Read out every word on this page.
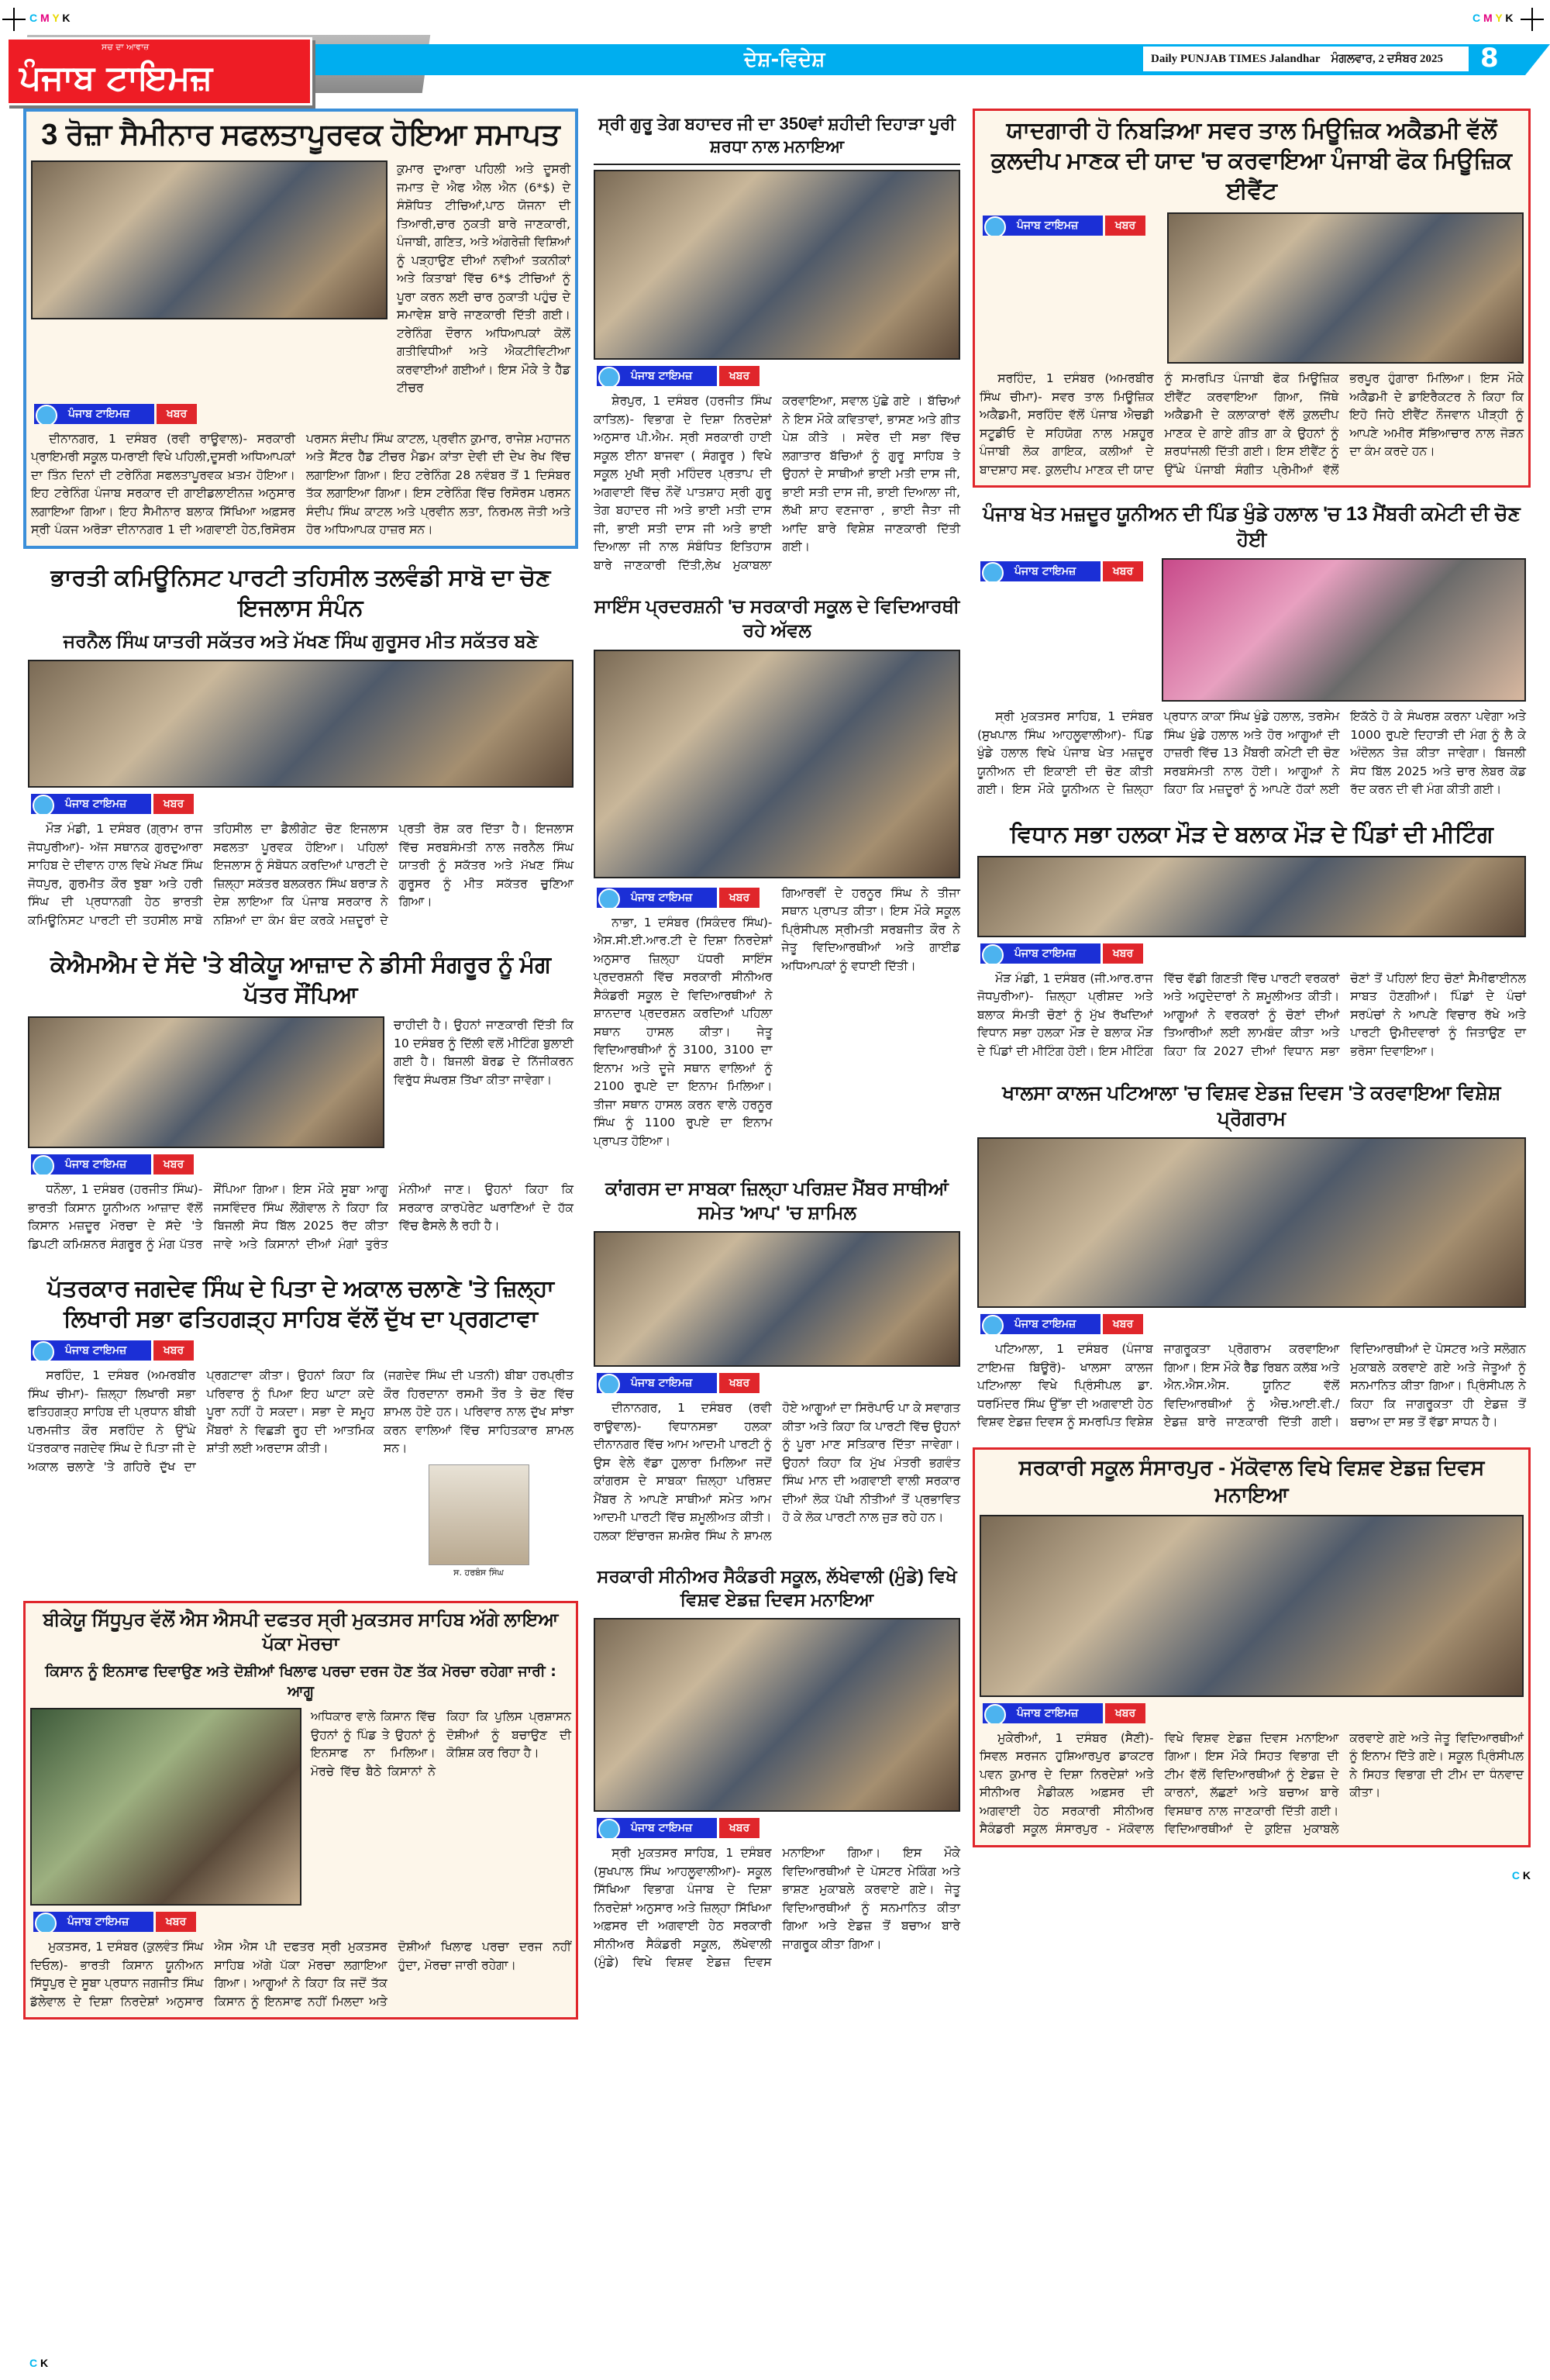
C M Y K	C M Y K
ਸਚ ਦਾ ਆਵਾਜ਼
ਪੰਜਾਬ ਟਾਇਮਜ਼	ਦੇਸ਼-ਵਿਦੇਸ਼	Daily PUNJAB TIMES Jalandhar ਮੰਗਲਵਾਰ, 2 ਦਸੰਬਰ 2025 8
3 ਰੋਜ਼ਾ ਸੈਮੀਨਾਰ ਸਫਲਤਾਪੂਰਵਕ ਹੋਇਆ ਸਮਾਪਤ
ਕੁਮਾਰ ਦੁਆਰਾ ਪਹਿਲੀ ਅਤੇ ਦੂਸਰੀ ਜਮਾਤ ਦੇ ਐਫ ਐਲ ਐਨ (6*$) ਦੇ ਸੰਸ਼ੋਧਿਤ ਟੀਚਿਆਂ,ਪਾਠ ਯੋਜਨਾ ਦੀ ਤਿਆਰੀ,ਚਾਰ ਨੁਕਤੀ ਬਾਰੇ ਜਾਣਕਾਰੀ, ਪੰਜਾਬੀ, ਗਣਿਤ, ਅਤੇ ਅੰਗਰੇਜ਼ੀ ਵਿਸ਼ਿਆਂ ਨੂੰ ਪੜ੍ਹਾਉਣ ਦੀਆਂ ਨਵੀਆਂ ਤਕਨੀਕਾਂ ਅਤੇ ਕਿਤਾਬਾਂ ਵਿੱਚ 6*$ ਟੀਚਿਆਂ ਨੂੰ ਪੂਰਾ ਕਰਨ ਲਈ ਚਾਰ ਨੁਕਾਤੀ ਪਹੁੰਚ ਦੇ ਸਮਾਵੇਸ਼ ਬਾਰੇ ਜਾਣਕਾਰੀ ਦਿੱਤੀ ਗਈ। ਟਰੇਨਿੰਗ ਦੌਰਾਨ ਅਧਿਆਪਕਾਂ ਕੋਲੋਂ ਗਤੀਵਿਧੀਆਂ ਅਤੇ ਐਕਟੀਵਿਟੀਆ ਕਰਵਾਈਆਂ ਗਈਆਂ। ਇਸ ਮੌਕੇ ਤੇ ਹੈੱਡ ਟੀਚਰ
ਪੰਜਾਬ ਟਾਇਮਜ਼	ਖਬਰ
ਦੀਨਾਨਗਰ, 1 ਦਸੰਬਰ (ਰਵੀ ਰਾਊਵਾਲ)- ਸਰਕਾਰੀ ਪ੍ਰਾਇਮਰੀ ਸਕੂਲ ਧਮਰਾਈ ਵਿਖੇ ਪਹਿਲੀ,ਦੂਸਰੀ ਅਧਿਆਪਕਾਂ ਦਾ ਤਿੰਨ ਦਿਨਾਂ ਦੀ ਟਰੇਨਿੰਗ ਸਫਲਤਾਪੂਰਵਕ ਖ਼ਤਮ ਹੋਇਆ। ਇਹ ਟਰੇਨਿੰਗ ਪੰਜਾਬ ਸਰਕਾਰ ਦੀ ਗਾਈਡਲਾਈਨਜ਼ ਅਨੁਸਾਰ ਲਗਾਇਆ ਗਿਆ। ਇਹ ਸੈਮੀਨਾਰ ਬਲਾਕ ਸਿੱਖਿਆ ਅਫ਼ਸਰ ਸ੍ਰੀ ਪੰਕਜ ਅਰੋੜਾ ਦੀਨਾਨਗਰ 1 ਦੀ ਅਗਵਾਈ ਹੇਠ,ਰਿਸੋਰਸ ਪਰਸਨ ਸੰਦੀਪ ਸਿੰਘ ਕਾਟਲ, ਪ੍ਰਵੀਨ ਕੁਮਾਰ, ਰਾਜੇਸ਼ ਮਹਾਜਨ ਅਤੇ ਸੈਂਟਰ ਹੈੱਡ ਟੀਚਰ ਮੈਡਮ ਕਾਂਤਾ ਦੇਵੀ ਦੀ ਦੇਖ ਰੇਖ ਵਿੱਚ ਲਗਾਇਆ ਗਿਆ। ਇਹ ਟਰੇਨਿੰਗ 28 ਨਵੰਬਰ ਤੋਂ 1 ਦਿਸੰਬਰ ਤੱਕ ਲਗਾਇਆ ਗਿਆ। ਇਸ ਟਰੇਨਿੰਗ ਵਿੱਚ ਰਿਸੋਰਸ ਪਰਸਨ ਸੰਦੀਪ ਸਿੰਘ ਕਾਟਲ ਅਤੇ ਪ੍ਰਵੀਨ ਲਤਾ, ਨਿਰਮਲ ਜੋਤੀ ਅਤੇ ਹੋਰ ਅਧਿਆਪਕ ਹਾਜ਼ਰ ਸਨ।
ਭਾਰਤੀ ਕਮਿਊਨਿਸਟ ਪਾਰਟੀ ਤਹਿਸੀਲ ਤਲਵੰਡੀ ਸਾਬੋ ਦਾ ਚੋਣ ਇਜਲਾਸ ਸੰਪੰਨ
ਜਰਨੈਲ ਸਿੰਘ ਯਾਤਰੀ ਸਕੱਤਰ ਅਤੇ ਮੱਖਣ ਸਿੰਘ ਗੁਰੂਸਰ ਮੀਤ ਸਕੱਤਰ ਬਣੇ
ਪੰਜਾਬ ਟਾਇਮਜ਼	ਖਬਰ
ਮੌੜ ਮੰਡੀ, 1 ਦਸੰਬਰ (ਗ੍ਰਾਮ ਰਾਜ ਜੋਧਪੁਰੀਆ)- ਅੱਜ ਸਥਾਨਕ ਗੁਰਦੁਆਰਾ ਸਾਹਿਬ ਦੇ ਦੀਵਾਨ ਹਾਲ ਵਿਖੇ ਮੱਖਣ ਸਿੰਘ ਜੋਧਪੁਰ, ਗੁਰਮੀਤ ਕੌਰ ਝੁਬਾ ਅਤੇ ਹਰੀ ਸਿੰਘ ਦੀ ਪ੍ਰਧਾਨਗੀ ਹੇਠ ਭਾਰਤੀ ਕਮਿਊਨਿਸਟ ਪਾਰਟੀ ਦੀ ਤਹਸੀਲ ਸਾਬੋ ਤਹਿਸੀਲ ਦਾ ਡੈਲੀਗੇਟ ਚੋਣ ਇਜਲਾਸ ਸਫਲਤਾ ਪੂਰਵਕ ਹੋਇਆ। ਪਹਿਲਾਂ ਇਜਲਾਸ ਨੂੰ ਸੰਬੋਧਨ ਕਰਦਿਆਂ ਪਾਰਟੀ ਦੇ ਜ਼ਿਲ੍ਹਾ ਸਕੱਤਰ ਬਲਕਰਨ ਸਿੰਘ ਬਰਾੜ ਨੇ ਦੇਸ਼ ਲਾਇਆ ਕਿ ਪੰਜਾਬ ਸਰਕਾਰ ਨੇ ਨਸ਼ਿਆਂ ਦਾ ਕੰਮ ਬੰਦ ਕਰਕੇ ਮਜ਼ਦੂਰਾਂ ਦੇ ਪ੍ਰਤੀ ਰੋਸ਼ ਕਰ ਦਿੱਤਾ ਹੈ। ਇਜਲਾਸ ਵਿੱਚ ਸਰਬਸੰਮਤੀ ਨਾਲ ਜਰਨੈਲ ਸਿੰਘ ਯਾਤਰੀ ਨੂੰ ਸਕੱਤਰ ਅਤੇ ਮੱਖਣ ਸਿੰਘ ਗੁਰੂਸਰ ਨੂੰ ਮੀਤ ਸਕੱਤਰ ਚੁਣਿਆ ਗਿਆ।
ਕੇਐਮਐਮ ਦੇ ਸੱਦੇ 'ਤੇ ਬੀਕੇਯੂ ਆਜ਼ਾਦ ਨੇ ਡੀਸੀ ਸੰਗਰੂਰ ਨੂੰ ਮੰਗ ਪੱਤਰ ਸੌਂਪਿਆ
ਚਾਹੀਦੀ ਹੈ। ਉਹਨਾਂ ਜਾਣਕਾਰੀ ਦਿੱਤੀ ਕਿ 10 ਦਸੰਬਰ ਨੂੰ ਦਿੱਲੀ ਵਲੋਂ ਮੀਟਿੰਗ ਬੁਲਾਈ ਗਈ ਹੈ। ਬਿਜਲੀ ਬੋਰਡ ਦੇ ਨਿੱਜੀਕਰਨ ਵਿਰੁੱਧ ਸੰਘਰਸ਼ ਤਿੱਖਾ ਕੀਤਾ ਜਾਵੇਗਾ।
ਪੰਜਾਬ ਟਾਇਮਜ਼	ਖਬਰ
ਧਨੌਲਾ, 1 ਦਸੰਬਰ (ਹਰਜੀਤ ਸਿੰਘ)- ਭਾਰਤੀ ਕਿਸਾਨ ਯੂਨੀਅਨ ਆਜ਼ਾਦ ਵੱਲੋਂ ਕਿਸਾਨ ਮਜ਼ਦੂਰ ਮੋਰਚਾ ਦੇ ਸੱਦੇ 'ਤੇ ਡਿਪਟੀ ਕਮਿਸ਼ਨਰ ਸੰਗਰੂਰ ਨੂੰ ਮੰਗ ਪੱਤਰ ਸੌਂਪਿਆ ਗਿਆ। ਇਸ ਮੌਕੇ ਸੂਬਾ ਆਗੂ ਜਸਵਿੰਦਰ ਸਿੰਘ ਲੌਂਗੋਵਾਲ ਨੇ ਕਿਹਾ ਕਿ ਬਿਜਲੀ ਸੋਧ ਬਿੱਲ 2025 ਰੱਦ ਕੀਤਾ ਜਾਵੇ ਅਤੇ ਕਿਸਾਨਾਂ ਦੀਆਂ ਮੰਗਾਂ ਤੁਰੰਤ ਮੰਨੀਆਂ ਜਾਣ। ਉਹਨਾਂ ਕਿਹਾ ਕਿ ਸਰਕਾਰ ਕਾਰਪੋਰੇਟ ਘਰਾਣਿਆਂ ਦੇ ਹੱਕ ਵਿੱਚ ਫੈਸਲੇ ਲੈ ਰਹੀ ਹੈ।
ਪੱਤਰਕਾਰ ਜਗਦੇਵ ਸਿੰਘ ਦੇ ਪਿਤਾ ਦੇ ਅਕਾਲ ਚਲਾਣੇ 'ਤੇ ਜ਼ਿਲ੍ਹਾ ਲਿਖਾਰੀ ਸਭਾ ਫਤਿਹਗੜ੍ਹ ਸਾਹਿਬ ਵੱਲੋਂ ਦੁੱਖ ਦਾ ਪ੍ਰਗਟਾਵਾ
ਪੰਜਾਬ ਟਾਇਮਜ਼	ਖਬਰ
ਸਰਹਿੰਦ, 1 ਦਸੰਬਰ (ਅਮਰਬੀਰ ਸਿੰਘ ਚੀਮਾ)- ਜ਼ਿਲ੍ਹਾ ਲਿਖਾਰੀ ਸਭਾ ਫਤਿਹਗੜ੍ਹ ਸਾਹਿਬ ਦੀ ਪ੍ਰਧਾਨ ਬੀਬੀ ਪਰਮਜੀਤ ਕੌਰ ਸਰਹਿੰਦ ਨੇ ਉੱਘੇ ਪੱਤਰਕਾਰ ਜਗਦੇਵ ਸਿੰਘ ਦੇ ਪਿਤਾ ਜੀ ਦੇ ਅਕਾਲ ਚਲਾਣੇ 'ਤੇ ਗਹਿਰੇ ਦੁੱਖ ਦਾ ਪ੍ਰਗਟਾਵਾ ਕੀਤਾ। ਉਹਨਾਂ ਕਿਹਾ ਕਿ ਪਰਿਵਾਰ ਨੂੰ ਪਿਆ ਇਹ ਘਾਟਾ ਕਦੇ ਪੂਰਾ ਨਹੀਂ ਹੋ ਸਕਦਾ। ਸਭਾ ਦੇ ਸਮੂਹ ਮੈਂਬਰਾਂ ਨੇ ਵਿਛੜੀ ਰੂਹ ਦੀ ਆਤਮਿਕ ਸ਼ਾਂਤੀ ਲਈ ਅਰਦਾਸ ਕੀਤੀ।
(ਜਗਦੇਵ ਸਿੰਘ ਦੀ ਪਤਨੀ) ਬੀਬਾ ਹਰਪ੍ਰੀਤ ਕੌਰ ਹਿਰਦਾਨਾ ਰਸਮੀ ਤੌਰ ਤੇ ਚੋਣ ਵਿੱਚ ਸ਼ਾਮਲ ਹੋਏ ਹਨ। ਪਰਿਵਾਰ ਨਾਲ ਦੁੱਖ ਸਾਂਝਾ ਕਰਨ ਵਾਲਿਆਂ ਵਿੱਚ ਸਾਹਿਤਕਾਰ ਸ਼ਾਮਲ ਸਨ।
ਸ. ਹਰਬੰਸ ਸਿੰਘ
ਬੀਕੇਯੂ ਸਿੱਧੂਪੁਰ ਵੱਲੋਂ ਐਸ ਐਸਪੀ ਦਫਤਰ ਸ੍ਰੀ ਮੁਕਤਸਰ ਸਾਹਿਬ ਅੱਗੇ ਲਾਇਆ ਪੱਕਾ ਮੋਰਚਾ
ਕਿਸਾਨ ਨੂੰ ਇਨਸਾਫ ਦਿਵਾਉਣ ਅਤੇ ਦੋਸ਼ੀਆਂ ਖਿਲਾਫ ਪਰਚਾ ਦਰਜ ਹੋਣ ਤੱਕ ਮੋਰਚਾ ਰਹੇਗਾ ਜਾਰੀ : ਆਗੂ
ਅਧਿਕਾਰ ਵਾਲੇ ਕਿਸਾਨ ਵਿੱਚ ਉਹਨਾਂ ਨੂੰ ਪਿੰਡ ਤੇ ਉਹਨਾਂ ਨੂੰ ਇਨਸਾਫ ਨਾ ਮਿਲਿਆ। ਮੋਰਚੇ ਵਿੱਚ ਬੈਠੇ ਕਿਸਾਨਾਂ ਨੇ ਕਿਹਾ ਕਿ ਪੁਲਿਸ ਪ੍ਰਸ਼ਾਸਨ ਦੋਸ਼ੀਆਂ ਨੂੰ ਬਚਾਉਣ ਦੀ ਕੋਸ਼ਿਸ਼ ਕਰ ਰਿਹਾ ਹੈ।
ਪੰਜਾਬ ਟਾਇਮਜ਼	ਖਬਰ
ਮੁਕਤਸਰ, 1 ਦਸੰਬਰ (ਕੁਲਵੰਤ ਸਿੰਘ ਦਿਓਲ)- ਭਾਰਤੀ ਕਿਸਾਨ ਯੂਨੀਅਨ ਸਿੱਧੂਪੁਰ ਦੇ ਸੂਬਾ ਪ੍ਰਧਾਨ ਜਗਜੀਤ ਸਿੰਘ ਡੱਲੇਵਾਲ ਦੇ ਦਿਸ਼ਾ ਨਿਰਦੇਸ਼ਾਂ ਅਨੁਸਾਰ ਐਸ ਐਸ ਪੀ ਦਫਤਰ ਸ੍ਰੀ ਮੁਕਤਸਰ ਸਾਹਿਬ ਅੱਗੇ ਪੱਕਾ ਮੋਰਚਾ ਲਗਾਇਆ ਗਿਆ। ਆਗੂਆਂ ਨੇ ਕਿਹਾ ਕਿ ਜਦੋਂ ਤੱਕ ਕਿਸਾਨ ਨੂੰ ਇਨਸਾਫ ਨਹੀਂ ਮਿਲਦਾ ਅਤੇ ਦੋਸ਼ੀਆਂ ਖਿਲਾਫ ਪਰਚਾ ਦਰਜ ਨਹੀਂ ਹੁੰਦਾ, ਮੋਰਚਾ ਜਾਰੀ ਰਹੇਗਾ।
ਸ੍ਰੀ ਗੁਰੂ ਤੇਗ ਬਹਾਦਰ ਜੀ ਦਾ 350ਵਾਂ ਸ਼ਹੀਦੀ ਦਿਹਾੜਾ ਪੂਰੀ ਸ਼ਰਧਾ ਨਾਲ ਮਨਾਇਆ
ਪੰਜਾਬ ਟਾਇਮਜ਼	ਖਬਰ
ਸ਼ੇਰਪੁਰ, 1 ਦਸੰਬਰ (ਹਰਜੀਤ ਸਿੰਘ ਕਾਤਿਲ)- ਵਿਭਾਗ ਦੇ ਦਿਸ਼ਾ ਨਿਰਦੇਸ਼ਾਂ ਅਨੁਸਾਰ ਪੀ.ਐਮ. ਸ੍ਰੀ ਸਰਕਾਰੀ ਹਾਈ ਸਕੂਲ ਈਨਾ ਬਾਜਵਾ ( ਸੰਗਰੂਰ ) ਵਿਖੇ ਸਕੂਲ ਮੁਖੀ ਸ੍ਰੀ ਮਹਿੰਦਰ ਪ੍ਰਤਾਪ ਦੀ ਅਗਵਾਈ ਵਿੱਚ ਨੌਵੇਂ ਪਾਤਸ਼ਾਹ ਸ੍ਰੀ ਗੁਰੂ ਤੇਗ ਬਹਾਦਰ ਜੀ ਅਤੇ ਭਾਈ ਮਤੀ ਦਾਸ ਜੀ, ਭਾਈ ਸਤੀ ਦਾਸ ਜੀ ਅਤੇ ਭਾਈ ਦਿਆਲਾ ਜੀ ਨਾਲ ਸੰਬੰਧਿਤ ਇਤਿਹਾਸ ਬਾਰੇ ਜਾਣਕਾਰੀ ਦਿੱਤੀ,ਲੇਖ ਮੁਕਾਬਲਾ ਕਰਵਾਇਆ, ਸਵਾਲ ਪੁੱਛੇ ਗਏ । ਬੱਚਿਆਂ ਨੇ ਇਸ ਮੌਕੇ ਕਵਿਤਾਵਾਂ, ਭਾਸਣ ਅਤੇ ਗੀਤ ਪੇਸ਼ ਕੀਤੇ । ਸਵੇਰ ਦੀ ਸਭਾ ਵਿੱਚ ਲਗਾਤਾਰ ਬੱਚਿਆਂ ਨੂੰ ਗੁਰੂ ਸਾਹਿਬ ਤੇ ਉਹਨਾਂ ਦੇ ਸਾਥੀਆਂ ਭਾਈ ਮਤੀ ਦਾਸ ਜੀ, ਭਾਈ ਸਤੀ ਦਾਸ ਜੀ, ਭਾਈ ਦਿਆਲਾ ਜੀ, ਲੱਖੀ ਸ਼ਾਹ ਵਣਜਾਰਾ , ਭਾਈ ਜੈਤਾ ਜੀ ਆਦਿ ਬਾਰੇ ਵਿਸ਼ੇਸ਼ ਜਾਣਕਾਰੀ ਦਿੱਤੀ ਗਈ।
ਸਾਇੰਸ ਪ੍ਰਦਰਸ਼ਨੀ 'ਚ ਸਰਕਾਰੀ ਸਕੂਲ ਦੇ ਵਿਦਿਆਰਥੀ ਰਹੇ ਅੱਵਲ
ਪੰਜਾਬ ਟਾਇਮਜ਼	ਖਬਰ
ਨਾਭਾ, 1 ਦਸੰਬਰ (ਸਿਕੰਦਰ ਸਿੰਘ)- ਐਸ.ਸੀ.ਈ.ਆਰ.ਟੀ ਦੇ ਦਿਸ਼ਾ ਨਿਰਦੇਸ਼ਾਂ ਅਨੁਸਾਰ ਜ਼ਿਲ੍ਹਾ ਪੱਧਰੀ ਸਾਇੰਸ ਪ੍ਰਦਰਸ਼ਨੀ ਵਿੱਚ ਸਰਕਾਰੀ ਸੀਨੀਅਰ ਸੈਕੰਡਰੀ ਸਕੂਲ ਦੇ ਵਿਦਿਆਰਥੀਆਂ ਨੇ ਸ਼ਾਨਦਾਰ ਪ੍ਰਦਰਸ਼ਨ ਕਰਦਿਆਂ ਪਹਿਲਾ ਸਥਾਨ ਹਾਸਲ ਕੀਤਾ। ਜੇਤੂ ਵਿਦਿਆਰਥੀਆਂ ਨੂੰ 3100, 3100 ਦਾ ਇਨਾਮ ਅਤੇ ਦੂਜੇ ਸਥਾਨ ਵਾਲਿਆਂ ਨੂੰ 2100 ਰੁਪਏ ਦਾ ਇਨਾਮ ਮਿਲਿਆ। ਤੀਜਾ ਸਥਾਨ ਹਾਸਲ ਕਰਨ ਵਾਲੇ ਹਰਨੂਰ ਸਿੰਘ ਨੂੰ 1100 ਰੁਪਏ ਦਾ ਇਨਾਮ ਪ੍ਰਾਪਤ ਹੋਇਆ।
ਗਿਆਰਵੀਂ ਦੇ ਹਰਨੂਰ ਸਿੰਘ ਨੇ ਤੀਜਾ ਸਥਾਨ ਪ੍ਰਾਪਤ ਕੀਤਾ। ਇਸ ਮੌਕੇ ਸਕੂਲ ਪ੍ਰਿੰਸੀਪਲ ਸ੍ਰੀਮਤੀ ਸਰਬਜੀਤ ਕੌਰ ਨੇ ਜੇਤੂ ਵਿਦਿਆਰਥੀਆਂ ਅਤੇ ਗਾਈਡ ਅਧਿਆਪਕਾਂ ਨੂੰ ਵਧਾਈ ਦਿੱਤੀ।
ਕਾਂਗਰਸ ਦਾ ਸਾਬਕਾ ਜ਼ਿਲ੍ਹਾ ਪਰਿਸ਼ਦ ਮੈਂਬਰ ਸਾਥੀਆਂ ਸਮੇਤ 'ਆਪ' 'ਚ ਸ਼ਾਮਿਲ
ਪੰਜਾਬ ਟਾਇਮਜ਼	ਖਬਰ
ਦੀਨਾਨਗਰ, 1 ਦਸੰਬਰ (ਰਵੀ ਰਾਊਵਾਲ)- ਵਿਧਾਨਸਭਾ ਹਲਕਾ ਦੀਨਾਨਗਰ ਵਿੱਚ ਆਮ ਆਦਮੀ ਪਾਰਟੀ ਨੂੰ ਉਸ ਵੇਲੇ ਵੱਡਾ ਹੁਲਾਰਾ ਮਿਲਿਆ ਜਦੋਂ ਕਾਂਗਰਸ ਦੇ ਸਾਬਕਾ ਜ਼ਿਲ੍ਹਾ ਪਰਿਸ਼ਦ ਮੈਂਬਰ ਨੇ ਆਪਣੇ ਸਾਥੀਆਂ ਸਮੇਤ ਆਮ ਆਦਮੀ ਪਾਰਟੀ ਵਿੱਚ ਸ਼ਮੂਲੀਅਤ ਕੀਤੀ। ਹਲਕਾ ਇੰਚਾਰਜ ਸ਼ਮਸ਼ੇਰ ਸਿੰਘ ਨੇ ਸ਼ਾਮਲ ਹੋਏ ਆਗੂਆਂ ਦਾ ਸਿਰੋਪਾਓ ਪਾ ਕੇ ਸਵਾਗਤ ਕੀਤਾ ਅਤੇ ਕਿਹਾ ਕਿ ਪਾਰਟੀ ਵਿੱਚ ਉਹਨਾਂ ਨੂੰ ਪੂਰਾ ਮਾਣ ਸਤਿਕਾਰ ਦਿੱਤਾ ਜਾਵੇਗਾ। ਉਹਨਾਂ ਕਿਹਾ ਕਿ ਮੁੱਖ ਮੰਤਰੀ ਭਗਵੰਤ ਸਿੰਘ ਮਾਨ ਦੀ ਅਗਵਾਈ ਵਾਲੀ ਸਰਕਾਰ ਦੀਆਂ ਲੋਕ ਪੱਖੀ ਨੀਤੀਆਂ ਤੋਂ ਪ੍ਰਭਾਵਿਤ ਹੋ ਕੇ ਲੋਕ ਪਾਰਟੀ ਨਾਲ ਜੁੜ ਰਹੇ ਹਨ।
ਸਰਕਾਰੀ ਸੀਨੀਅਰ ਸੈਕੰਡਰੀ ਸਕੂਲ, ਲੱਖੇਵਾਲੀ (ਮੁੰਡੇ) ਵਿਖੇ ਵਿਸ਼ਵ ਏਡਜ਼ ਦਿਵਸ ਮਨਾਇਆ
ਪੰਜਾਬ ਟਾਇਮਜ਼	ਖਬਰ
ਸ੍ਰੀ ਮੁਕਤਸਰ ਸਾਹਿਬ, 1 ਦਸੰਬਰ (ਸੁਖਪਾਲ ਸਿੰਘ ਆਹਲੂਵਾਲੀਆ)- ਸਕੂਲ ਸਿੱਖਿਆ ਵਿਭਾਗ ਪੰਜਾਬ ਦੇ ਦਿਸ਼ਾ ਨਿਰਦੇਸ਼ਾਂ ਅਨੁਸਾਰ ਅਤੇ ਜ਼ਿਲ੍ਹਾ ਸਿੱਖਿਆ ਅਫ਼ਸਰ ਦੀ ਅਗਵਾਈ ਹੇਠ ਸਰਕਾਰੀ ਸੀਨੀਅਰ ਸੈਕੰਡਰੀ ਸਕੂਲ, ਲੱਖੇਵਾਲੀ (ਮੁੰਡੇ) ਵਿਖੇ ਵਿਸ਼ਵ ਏਡਜ਼ ਦਿਵਸ ਮਨਾਇਆ ਗਿਆ। ਇਸ ਮੌਕੇ ਵਿਦਿਆਰਥੀਆਂ ਦੇ ਪੋਸਟਰ ਮੇਕਿੰਗ ਅਤੇ ਭਾਸ਼ਣ ਮੁਕਾਬਲੇ ਕਰਵਾਏ ਗਏ। ਜੇਤੂ ਵਿਦਿਆਰਥੀਆਂ ਨੂੰ ਸਨਮਾਨਿਤ ਕੀਤਾ ਗਿਆ ਅਤੇ ਏਡਜ਼ ਤੋਂ ਬਚਾਅ ਬਾਰੇ ਜਾਗਰੂਕ ਕੀਤਾ ਗਿਆ।
ਯਾਦਗਾਰੀ ਹੋ ਨਿਬੜਿਆ ਸਵਰ ਤਾਲ ਮਿਊਜ਼ਿਕ ਅਕੈਡਮੀ ਵੱਲੋਂ ਕੁਲਦੀਪ ਮਾਣਕ ਦੀ ਯਾਦ 'ਚ ਕਰਵਾਇਆ ਪੰਜਾਬੀ ਫੋਕ ਮਿਊਜ਼ਿਕ ਈਵੈਂਟ
ਪੰਜਾਬ ਟਾਇਮਜ਼	ਖਬਰ
ਸਰਹਿੰਦ, 1 ਦਸੰਬਰ (ਅਮਰਬੀਰ ਸਿੰਘ ਚੀਮਾ)- ਸਵਰ ਤਾਲ ਮਿਊਜ਼ਿਕ ਅਕੈਡਮੀ, ਸਰਹਿੰਦ ਵੱਲੋਂ ਪੰਜਾਬ ਐਚਡੀ ਸਟੂਡੀਓ ਦੇ ਸਹਿਯੋਗ ਨਾਲ ਮਸ਼ਹੂਰ ਪੰਜਾਬੀ ਲੋਕ ਗਾਇਕ, ਕਲੀਆਂ ਦੇ ਬਾਦਸ਼ਾਹ ਸਵ. ਕੁਲਦੀਪ ਮਾਣਕ ਦੀ ਯਾਦ ਨੂੰ ਸਮਰਪਿਤ ਪੰਜਾਬੀ ਫੋਕ ਮਿਊਜ਼ਿਕ ਈਵੈਂਟ ਕਰਵਾਇਆ ਗਿਆ, ਜਿੱਥੇ ਅਕੈਡਮੀ ਦੇ ਕਲਾਕਾਰਾਂ ਵੱਲੋਂ ਕੁਲਦੀਪ ਮਾਣਕ ਦੇ ਗਾਏ ਗੀਤ ਗਾ ਕੇ ਉਹਨਾਂ ਨੂੰ ਸ਼ਰਧਾਂਜਲੀ ਦਿੱਤੀ ਗਈ। ਇਸ ਈਵੈਂਟ ਨੂੰ ਉੱਘੇ ਪੰਜਾਬੀ ਸੰਗੀਤ ਪ੍ਰੇਮੀਆਂ ਵੱਲੋਂ ਭਰਪੂਰ ਹੁੰਗਾਰਾ ਮਿਲਿਆ। ਇਸ ਮੌਕੇ ਅਕੈਡਮੀ ਦੇ ਡਾਇਰੈਕਟਰ ਨੇ ਕਿਹਾ ਕਿ ਇਹੋ ਜਿਹੇ ਈਵੈਂਟ ਨੌਜਵਾਨ ਪੀੜ੍ਹੀ ਨੂੰ ਆਪਣੇ ਅਮੀਰ ਸੱਭਿਆਚਾਰ ਨਾਲ ਜੋੜਨ ਦਾ ਕੰਮ ਕਰਦੇ ਹਨ।
ਪੰਜਾਬ ਖੇਤ ਮਜ਼ਦੂਰ ਯੂਨੀਅਨ ਦੀ ਪਿੰਡ ਖੁੰਡੇ ਹਲਾਲ 'ਚ 13 ਮੈਂਬਰੀ ਕਮੇਟੀ ਦੀ ਚੋਣ ਹੋਈ
ਪੰਜਾਬ ਟਾਇਮਜ਼	ਖਬਰ
ਸ੍ਰੀ ਮੁਕਤਸਰ ਸਾਹਿਬ, 1 ਦਸੰਬਰ (ਸੁਖਪਾਲ ਸਿੰਘ ਆਹਲੂਵਾਲੀਆ)- ਪਿੰਡ ਖੁੰਡੇ ਹਲਾਲ ਵਿਖੇ ਪੰਜਾਬ ਖੇਤ ਮਜ਼ਦੂਰ ਯੂਨੀਅਨ ਦੀ ਇਕਾਈ ਦੀ ਚੋਣ ਕੀਤੀ ਗਈ। ਇਸ ਮੌਕੇ ਯੂਨੀਅਨ ਦੇ ਜ਼ਿਲ੍ਹਾ ਪ੍ਰਧਾਨ ਕਾਕਾ ਸਿੰਘ ਖੁੰਡੇ ਹਲਾਲ, ਤਰਸੇਮ ਸਿੰਘ ਖੁੰਡੇ ਹਲਾਲ ਅਤੇ ਹੋਰ ਆਗੂਆਂ ਦੀ ਹਾਜ਼ਰੀ ਵਿੱਚ 13 ਮੈਂਬਰੀ ਕਮੇਟੀ ਦੀ ਚੋਣ ਸਰਬਸੰਮਤੀ ਨਾਲ ਹੋਈ। ਆਗੂਆਂ ਨੇ ਕਿਹਾ ਕਿ ਮਜ਼ਦੂਰਾਂ ਨੂੰ ਆਪਣੇ ਹੱਕਾਂ ਲਈ ਇਕੱਠੇ ਹੋ ਕੇ ਸੰਘਰਸ਼ ਕਰਨਾ ਪਵੇਗਾ ਅਤੇ 1000 ਰੁਪਏ ਦਿਹਾੜੀ ਦੀ ਮੰਗ ਨੂੰ ਲੈ ਕੇ ਅੰਦੋਲਨ ਤੇਜ਼ ਕੀਤਾ ਜਾਵੇਗਾ। ਬਿਜਲੀ ਸੋਧ ਬਿੱਲ 2025 ਅਤੇ ਚਾਰ ਲੇਬਰ ਕੋਡ ਰੱਦ ਕਰਨ ਦੀ ਵੀ ਮੰਗ ਕੀਤੀ ਗਈ।
ਵਿਧਾਨ ਸਭਾ ਹਲਕਾ ਮੌੜ ਦੇ ਬਲਾਕ ਮੌੜ ਦੇ ਪਿੰਡਾਂ ਦੀ ਮੀਟਿੰਗ
ਪੰਜਾਬ ਟਾਇਮਜ਼	ਖਬਰ
ਮੌੜ ਮੰਡੀ, 1 ਦਸੰਬਰ (ਜੀ.ਆਰ.ਰਾਜ ਜੋਧਪੁਰੀਆ)- ਜ਼ਿਲ੍ਹਾ ਪ੍ਰੀਸ਼ਦ ਅਤੇ ਬਲਾਕ ਸੰਮਤੀ ਚੋਣਾਂ ਨੂੰ ਮੁੱਖ ਰੱਖਦਿਆਂ ਵਿਧਾਨ ਸਭਾ ਹਲਕਾ ਮੌੜ ਦੇ ਬਲਾਕ ਮੌੜ ਦੇ ਪਿੰਡਾਂ ਦੀ ਮੀਟਿੰਗ ਹੋਈ। ਇਸ ਮੀਟਿੰਗ ਵਿੱਚ ਵੱਡੀ ਗਿਣਤੀ ਵਿੱਚ ਪਾਰਟੀ ਵਰਕਰਾਂ ਅਤੇ ਅਹੁਦੇਦਾਰਾਂ ਨੇ ਸ਼ਮੂਲੀਅਤ ਕੀਤੀ। ਆਗੂਆਂ ਨੇ ਵਰਕਰਾਂ ਨੂੰ ਚੋਣਾਂ ਦੀਆਂ ਤਿਆਰੀਆਂ ਲਈ ਲਾਮਬੰਦ ਕੀਤਾ ਅਤੇ ਕਿਹਾ ਕਿ 2027 ਦੀਆਂ ਵਿਧਾਨ ਸਭਾ ਚੋਣਾਂ ਤੋਂ ਪਹਿਲਾਂ ਇਹ ਚੋਣਾਂ ਸੈਮੀਫਾਈਨਲ ਸਾਬਤ ਹੋਣਗੀਆਂ। ਪਿੰਡਾਂ ਦੇ ਪੰਚਾਂ ਸਰਪੰਚਾਂ ਨੇ ਆਪਣੇ ਵਿਚਾਰ ਰੱਖੇ ਅਤੇ ਪਾਰਟੀ ਉਮੀਦਵਾਰਾਂ ਨੂੰ ਜਿਤਾਉਣ ਦਾ ਭਰੋਸਾ ਦਿਵਾਇਆ।
ਖਾਲਸਾ ਕਾਲਜ ਪਟਿਆਲਾ 'ਚ ਵਿਸ਼ਵ ਏਡਜ਼ ਦਿਵਸ 'ਤੇ ਕਰਵਾਇਆ ਵਿਸ਼ੇਸ਼ ਪ੍ਰੋਗਰਾਮ
ਪੰਜਾਬ ਟਾਇਮਜ਼	ਖਬਰ
ਪਟਿਆਲਾ, 1 ਦਸੰਬਰ (ਪੰਜਾਬ ਟਾਇਮਜ਼ ਬਿਊਰੋ)- ਖਾਲਸਾ ਕਾਲਜ ਪਟਿਆਲਾ ਵਿਖੇ ਪ੍ਰਿੰਸੀਪਲ ਡਾ. ਧਰਮਿੰਦਰ ਸਿੰਘ ਉੱਭਾ ਦੀ ਅਗਵਾਈ ਹੇਠ ਵਿਸ਼ਵ ਏਡਜ਼ ਦਿਵਸ ਨੂੰ ਸਮਰਪਿਤ ਵਿਸ਼ੇਸ਼ ਜਾਗਰੂਕਤਾ ਪ੍ਰੋਗਰਾਮ ਕਰਵਾਇਆ ਗਿਆ। ਇਸ ਮੌਕੇ ਰੈੱਡ ਰਿਬਨ ਕਲੱਬ ਅਤੇ ਐਨ.ਐਸ.ਐਸ. ਯੂਨਿਟ ਵੱਲੋਂ ਵਿਦਿਆਰਥੀਆਂ ਨੂੰ ਐਚ.ਆਈ.ਵੀ./ਏਡਜ਼ ਬਾਰੇ ਜਾਣਕਾਰੀ ਦਿੱਤੀ ਗਈ। ਵਿਦਿਆਰਥੀਆਂ ਦੇ ਪੋਸਟਰ ਅਤੇ ਸਲੋਗਨ ਮੁਕਾਬਲੇ ਕਰਵਾਏ ਗਏ ਅਤੇ ਜੇਤੂਆਂ ਨੂੰ ਸਨਮਾਨਿਤ ਕੀਤਾ ਗਿਆ। ਪ੍ਰਿੰਸੀਪਲ ਨੇ ਕਿਹਾ ਕਿ ਜਾਗਰੂਕਤਾ ਹੀ ਏਡਜ਼ ਤੋਂ ਬਚਾਅ ਦਾ ਸਭ ਤੋਂ ਵੱਡਾ ਸਾਧਨ ਹੈ।
ਸਰਕਾਰੀ ਸਕੂਲ ਸੰਸਾਰਪੁਰ - ਮੱਕੋਵਾਲ ਵਿਖੇ ਵਿਸ਼ਵ ਏਡਜ਼ ਦਿਵਸ ਮਨਾਇਆ
ਪੰਜਾਬ ਟਾਇਮਜ਼	ਖਬਰ
ਮੁਕੇਰੀਆਂ, 1 ਦਸੰਬਰ (ਸੈਣੀ)- ਸਿਵਲ ਸਰਜਨ ਹੁਸ਼ਿਆਰਪੁਰ ਡਾਕਟਰ ਪਵਨ ਕੁਮਾਰ ਦੇ ਦਿਸ਼ਾ ਨਿਰਦੇਸ਼ਾਂ ਅਤੇ ਸੀਨੀਅਰ ਮੈਡੀਕਲ ਅਫ਼ਸਰ ਦੀ ਅਗਵਾਈ ਹੇਠ ਸਰਕਾਰੀ ਸੀਨੀਅਰ ਸੈਕੰਡਰੀ ਸਕੂਲ ਸੰਸਾਰਪੁਰ - ਮੱਕੋਵਾਲ ਵਿਖੇ ਵਿਸ਼ਵ ਏਡਜ਼ ਦਿਵਸ ਮਨਾਇਆ ਗਿਆ। ਇਸ ਮੌਕੇ ਸਿਹਤ ਵਿਭਾਗ ਦੀ ਟੀਮ ਵੱਲੋਂ ਵਿਦਿਆਰਥੀਆਂ ਨੂੰ ਏਡਜ਼ ਦੇ ਕਾਰਨਾਂ, ਲੱਛਣਾਂ ਅਤੇ ਬਚਾਅ ਬਾਰੇ ਵਿਸਥਾਰ ਨਾਲ ਜਾਣਕਾਰੀ ਦਿੱਤੀ ਗਈ। ਵਿਦਿਆਰਥੀਆਂ ਦੇ ਕੁਇਜ਼ ਮੁਕਾਬਲੇ ਕਰਵਾਏ ਗਏ ਅਤੇ ਜੇਤੂ ਵਿਦਿਆਰਥੀਆਂ ਨੂੰ ਇਨਾਮ ਦਿੱਤੇ ਗਏ। ਸਕੂਲ ਪ੍ਰਿੰਸੀਪਲ ਨੇ ਸਿਹਤ ਵਿਭਾਗ ਦੀ ਟੀਮ ਦਾ ਧੰਨਵਾਦ ਕੀਤਾ।
C K
C K
